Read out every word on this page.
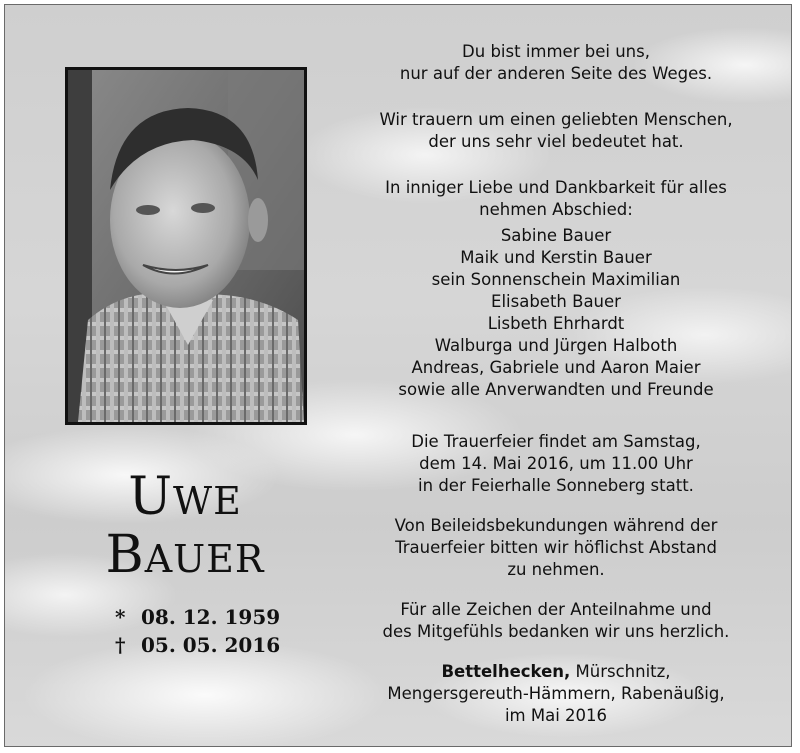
UWE
BAUER
* 08. 12. 1959
† 05. 05. 2016
Du bist immer bei uns,
nur auf der anderen Seite des Weges.
Wir trauern um einen geliebten Menschen,
der uns sehr viel bedeutet hat.
In inniger Liebe und Dankbarkeit für alles
nehmen Abschied:
Sabine Bauer
Maik und Kerstin Bauer
sein Sonnenschein Maximilian
Elisabeth Bauer
Lisbeth Ehrhardt
Walburga und Jürgen Halboth
Andreas, Gabriele und Aaron Maier
sowie alle Anverwandten und Freunde
Die Trauerfeier findet am Samstag,
dem 14. Mai 2016, um 11.00 Uhr
in der Feierhalle Sonneberg statt.
Von Beileidsbekundungen während der
Trauerfeier bitten wir höflichst Abstand
zu nehmen.
Für alle Zeichen der Anteilnahme und
des Mitgefühls bedanken wir uns herzlich.
Bettelhecken, Mürschnitz,
Mengersgereuth-Hämmern, Rabenäußig,
im Mai 2016
